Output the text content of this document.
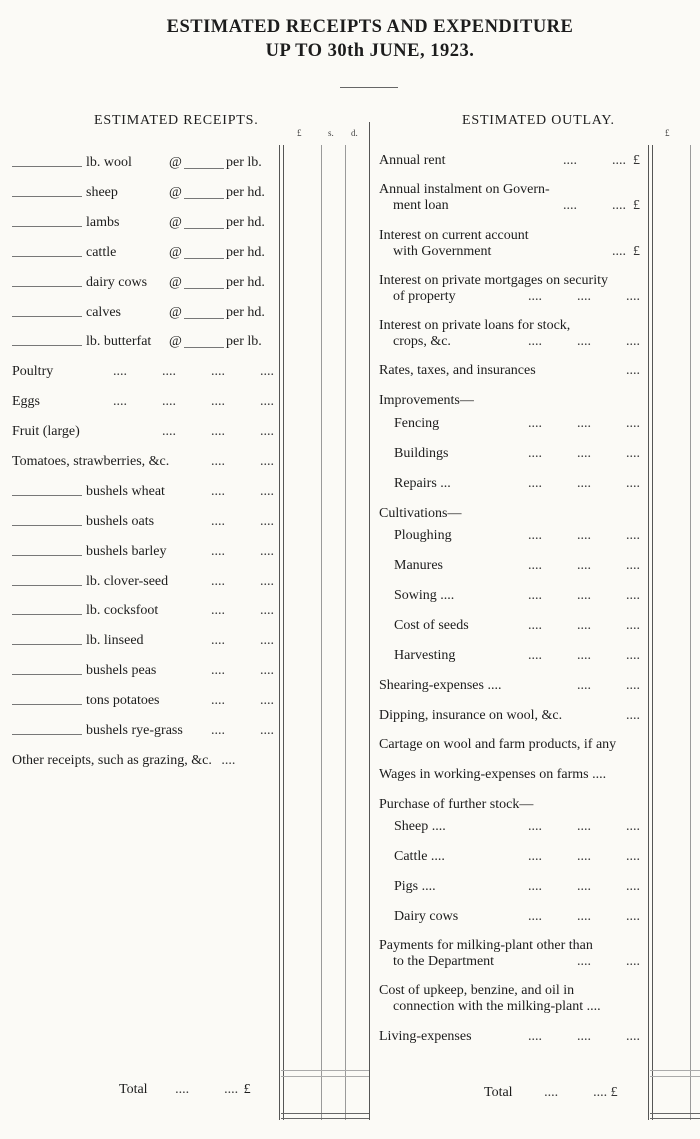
ESTIMATED RECEIPTS AND EXPENDITURE
UP TO 30th JUNE, 1923.
ESTIMATED RECEIPTS.
£	s. d.
ESTIMATED OUTLAY.
£
lb. wool	@	per lb.
sheep	@	per hd.
lambs	@	per hd.
cattle	@	per hd.
dairy cows @	per hd.
calves	@	per hd.
lb. butterfat @	per lb.
Poultry	....          ....          ....          ....
Eggs	....          ....          ....          ....
Fruit (large)	....          ....          ....
Tomatoes, strawberries, &c.	....          ....
bushels wheat	....          ....
bushels oats	....          ....
bushels barley	....          ....
lb. clover-seed	....          ....
lb. cocksfoot	....          ....
lb. linseed	....          ....
bushels peas	....          ....
tons potatoes	....          ....
bushels rye-grass ....          ....
Other receipts, such as grazing, &c. ....
Annual rent	....          ....  £
Annual instalment on Govern-
ment loan	....          ....  £
Interest on current account
with Government	....  £
Interest on private mortgages on security
of property	....          ....          ....
Interest on private loans for stock,
crops, &c.	....          ....          ....
Rates, taxes, and insurances	....
Improvements—
Fencing	....          ....          ....
Buildings	....          ....          ....
Repairs ...	....          ....          ....
Cultivations—
Ploughing	....          ....          ....
Manures	....          ....          ....
Sowing ....	....          ....          ....
Cost of seeds	....          ....          ....
Harvesting	....          ....          ....
Shearing-expenses ....	....          ....
Dipping, insurance on wool, &c.	....
Cartage on wool and farm products, if any
Wages in working-expenses on farms ....
Purchase of further stock—
Sheep ....	....          ....          ....
Cattle ....	....          ....          ....
Pigs ....	....          ....          ....
Dairy cows	....          ....          ....
Payments for milking-plant other than
to the Department	....          ....
Cost of upkeep, benzine, and oil in
connection with the milking-plant ....
Living-expenses	....          ....          ....
Total ....          .... £	Total ....          .... £
